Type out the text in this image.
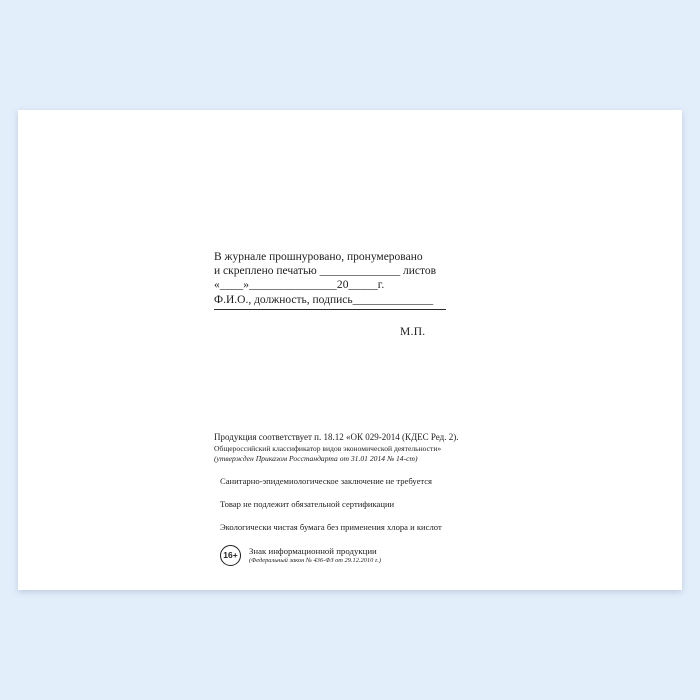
В журнале прошнуровано, пронумеровано
и скреплено печатью ______________ листов
«____»_______________20_____г.
Ф.И.О., должность, подпись______________
М.П.
Продукция соответствует п. 18.12 «ОК 029-2014 (КДЕС Ред. 2).
Общероссийский классификатор видов экономической деятельности»
(утвержден Приказом Росстандарта от 31.01 2014 № 14-ст)
Санитарно-эпидемиологическое заключение не требуется
Товар не подлежит обязательной сертификации
Экологически чистая бумага без применения хлора и кислот
16+	Знак информационной продукции
(Федеральный закон № 436-ФЗ от 29.12.2010 г.)
